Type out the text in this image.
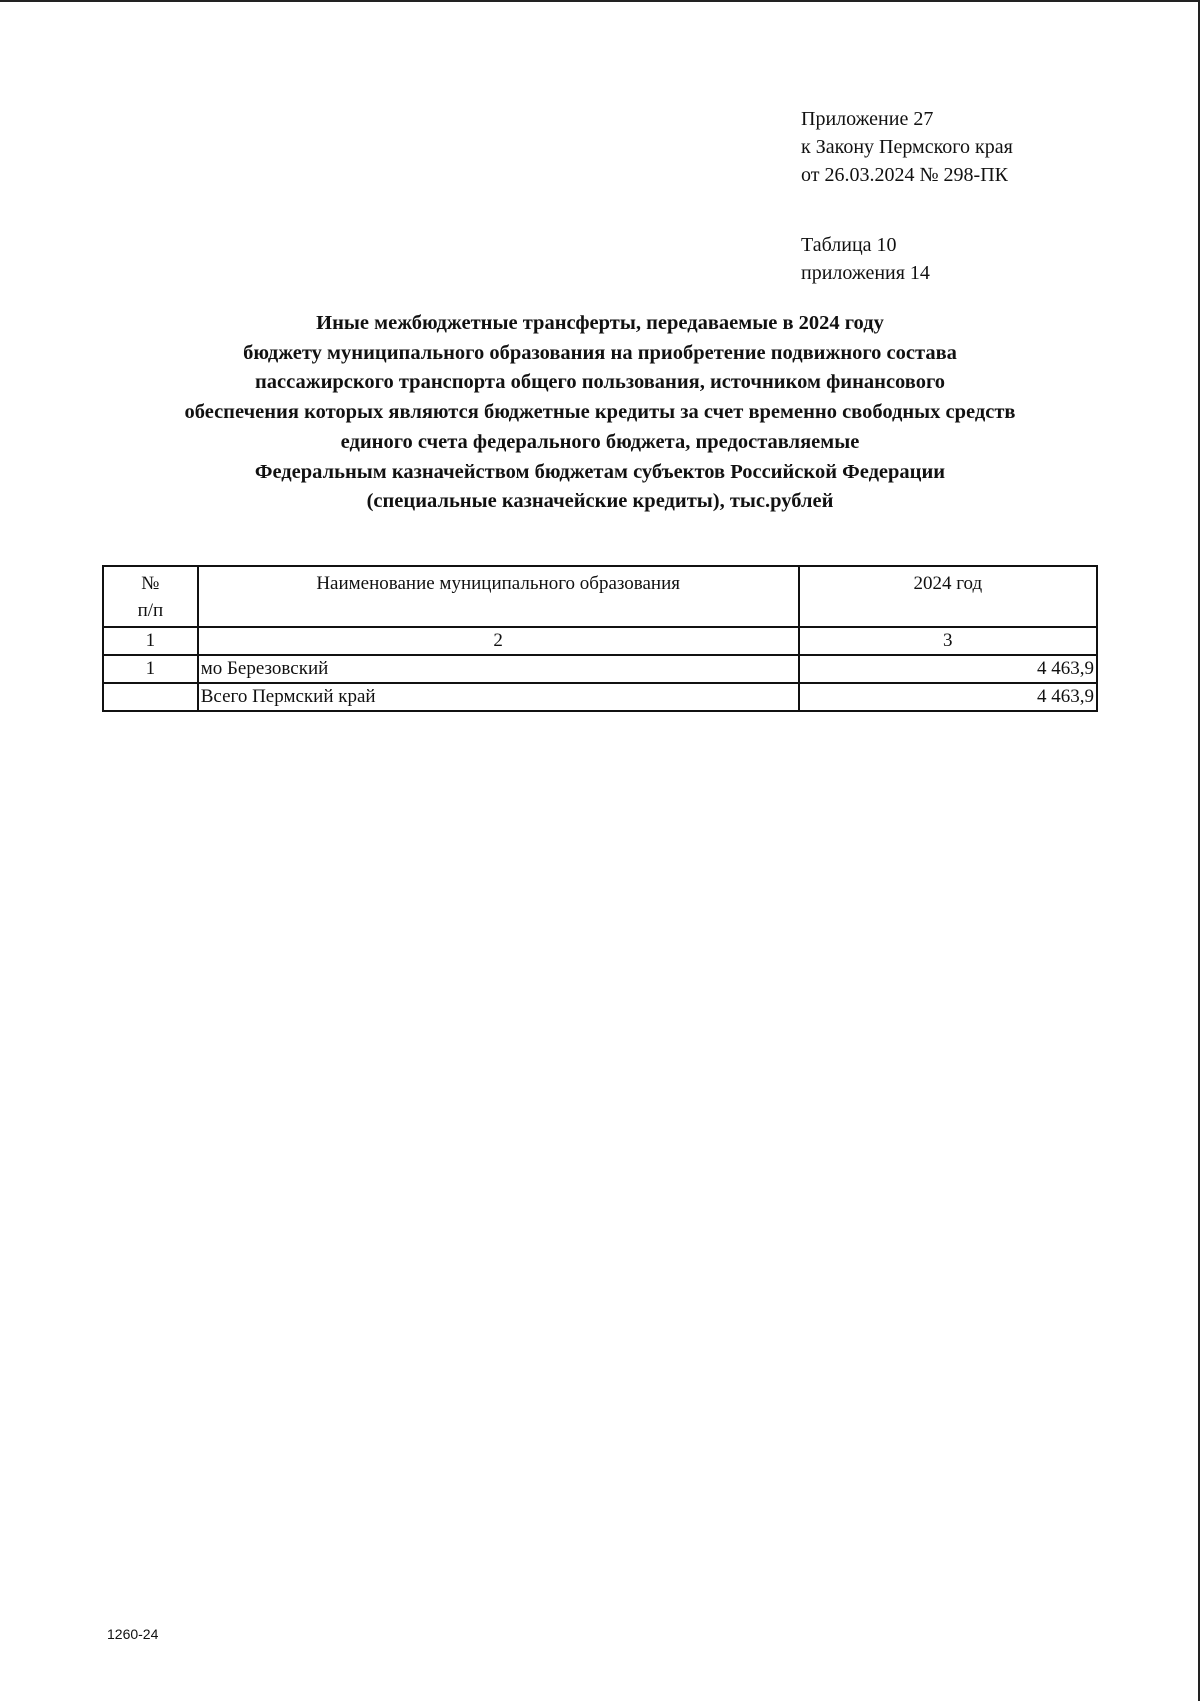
Приложение 27
к Закону Пермского края
от 26.03.2024 № 298-ПК
Таблица 10
приложения 14
Иные межбюджетные трансферты, передаваемые в 2024 году
бюджету муниципального образования на приобретение подвижного состава
пассажирского транспорта общего пользования, источником финансового
обеспечения которых являются бюджетные кредиты за счет временно свободных средств
единого счета федерального бюджета, предоставляемые
Федеральным казначейством бюджетам субъектов Российской Федерации
(специальные казначейские кредиты), тыс.рублей
№
п/п	Наименование муниципального образования	2024 год
1	2	3
1	мо Березовский	4 463,9
	Всего Пермский край	4 463,9
1260-24
